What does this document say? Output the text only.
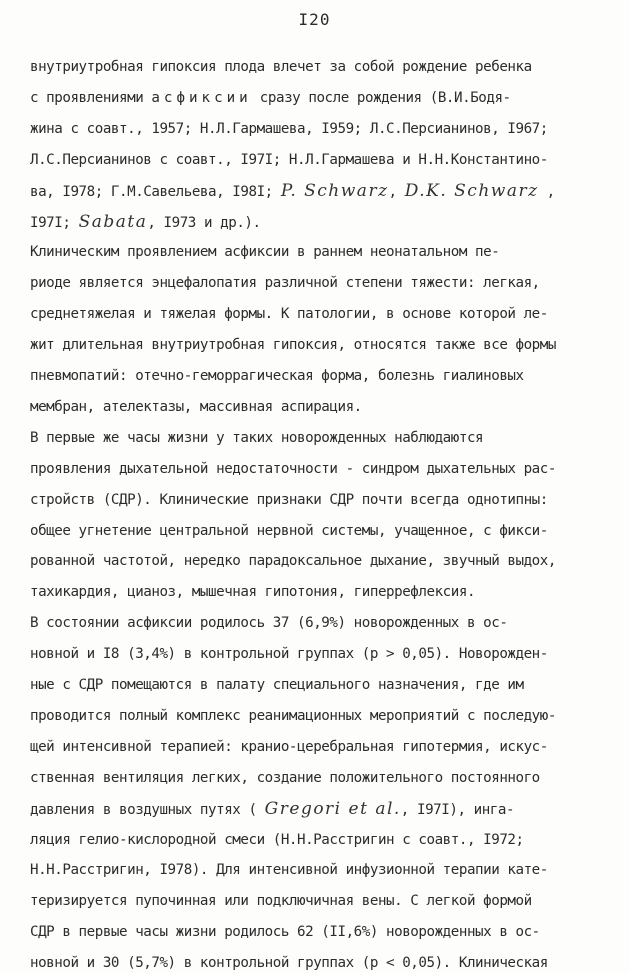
I20
внутриутробная гипоксия плода влечет за собой рождение ребенка
с проявлениями асфиксии сразу после рождения (В.И.Бодя-
жина с соавт., 1957; Н.Л.Гармашева, I959; Л.С.Персианинов, I967;
Л.С.Персианинов с соавт., I97I; Н.Л.Гармашева и Н.Н.Константино-
ва, I978; Г.М.Савельева, I98I; P. Schwarz, D.K. Schwarz ,
I97I; Sabata, I973 и др.).
Клиническим проявлением асфиксии в раннем неонатальном пе-
риоде является энцефалопатия различной степени тяжести: легкая,
среднетяжелая и тяжелая формы. К патологии, в основе которой ле-
жит длительная внутриутробная гипоксия, относятся также все формы
пневмопатий: отечно-геморрагическая форма, болезнь гиалиновых
мембран, ателектазы, массивная аспирация.
В первые же часы жизни у таких новорожденных наблюдаются
проявления дыхательной недостаточности - синдром дыхательных рас-
стройств (СДР). Клинические признаки СДР почти всегда однотипны:
общее угнетение центральной нервной системы, учащенное, с фикси-
рованной частотой, нередко парадоксальное дыхание, звучный выдох,
тахикардия, цианоз, мышечная гипотония, гиперрефлексия.
В состоянии асфиксии родилось 37 (6,9%) новорожденных в ос-
новной и I8 (3,4%) в контрольной группах (p > 0,05). Новорожден-
ные с СДР помещаются в палату специального назначения, где им
проводится полный комплекс реанимационных мероприятий с последую-
щей интенсивной терапией: кранио-церебральная гипотермия, искус-
ственная вентиляция легких, создание положительного постоянного
давления в воздушных путях ( Gregori et al., I97I), инга-
ляция гелио-кислородной смеси (Н.Н.Расстригин с соавт., I972;
Н.Н.Расстригин, I978). Для интенсивной инфузионной терапии кате-
теризируется пупочинная или подключичная вены. С легкой формой
СДР в первые часы жизни родилось 62 (II,6%) новорожденных в ос-
новной и 30 (5,7%) в контрольной группах (p < 0,05). Клиническая
